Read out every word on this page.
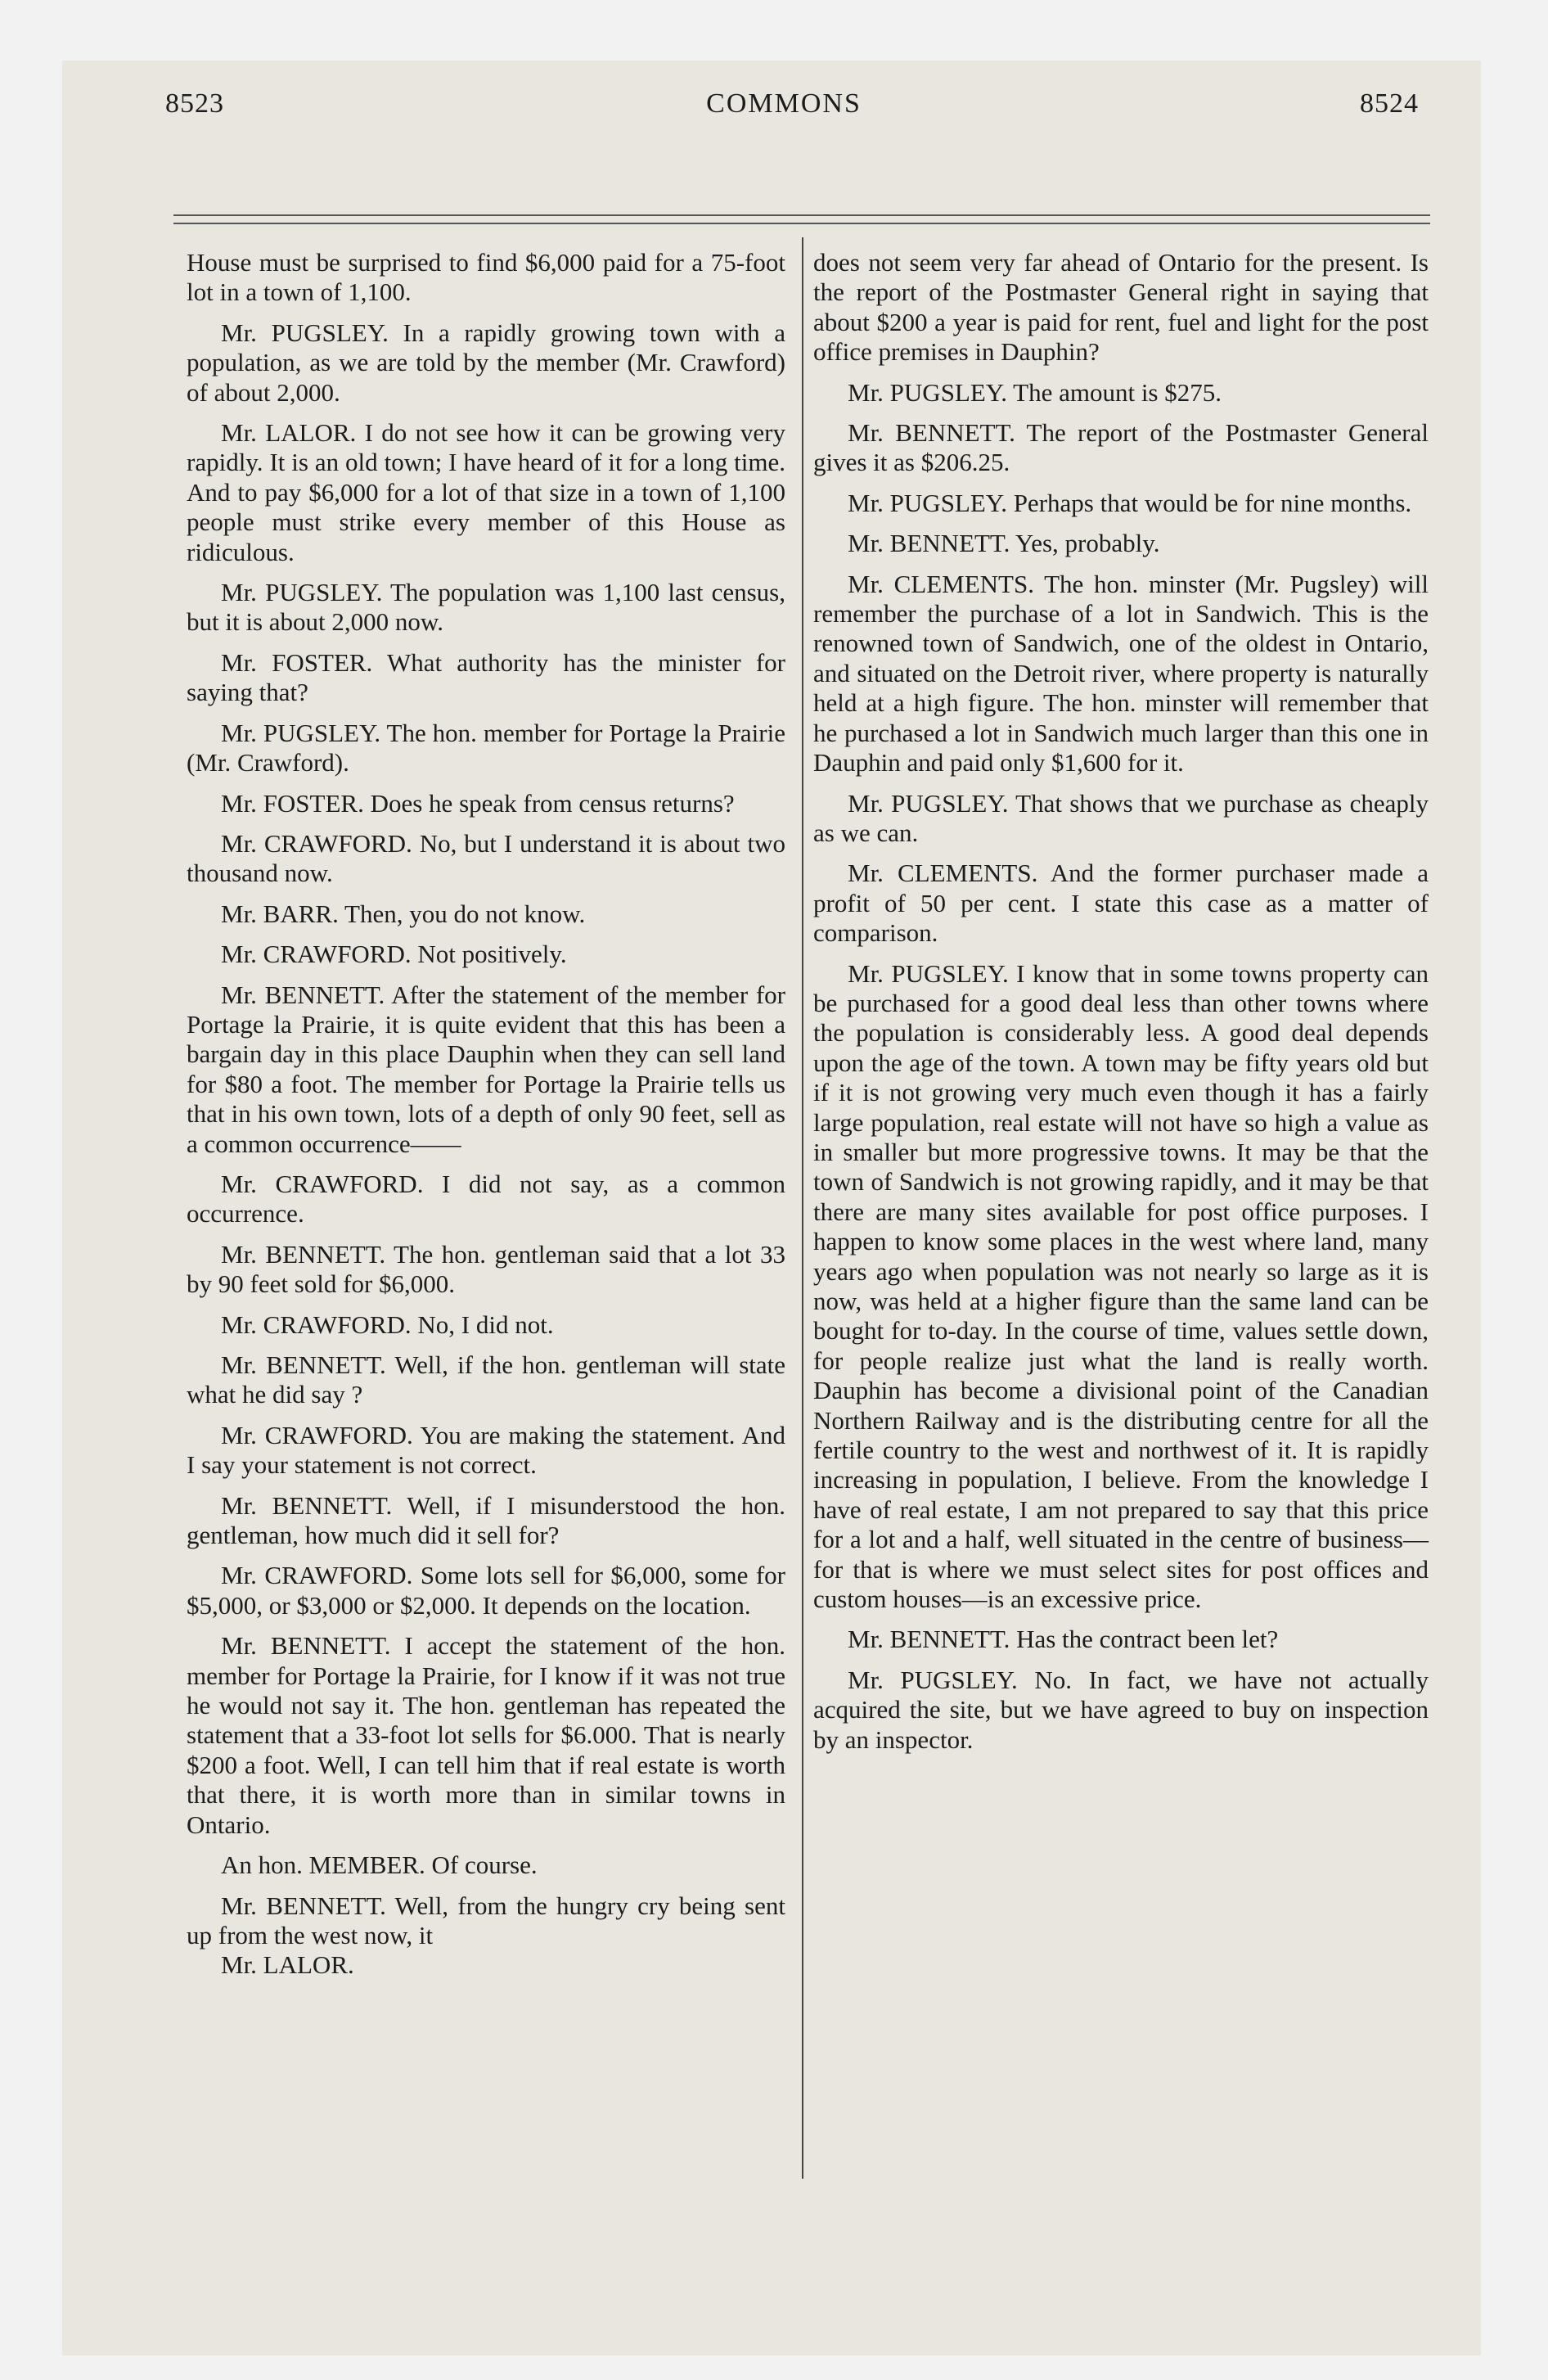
8523	COMMONS	8524

House must be surprised to find $6,000 paid for a 75-foot lot in a town of 1,100.

Mr. PUGSLEY. In a rapidly growing town with a population, as we are told by the member (Mr. Crawford) of about 2,000.

Mr. LALOR. I do not see how it can be growing very rapidly. It is an old town; I have heard of it for a long time. And to pay $6,000 for a lot of that size in a town of 1,100 people must strike every member of this House as ridiculous.

Mr. PUGSLEY. The population was 1,100 last census, but it is about 2,000 now.

Mr. FOSTER. What authority has the minister for saying that?

Mr. PUGSLEY. The hon. member for Portage la Prairie (Mr. Crawford).

Mr. FOSTER. Does he speak from census returns?

Mr. CRAWFORD. No, but I understand it is about two thousand now.

Mr. BARR. Then, you do not know.

Mr. CRAWFORD. Not positively.

Mr. BENNETT. After the statement of the member for Portage la Prairie, it is quite evident that this has been a bargain day in this place Dauphin when they can sell land for $80 a foot. The member for Portage la Prairie tells us that in his own town, lots of a depth of only 90 feet, sell as a common occurrence——

Mr. CRAWFORD. I did not say, as a common occurrence.

Mr. BENNETT. The hon. gentleman said that a lot 33 by 90 feet sold for $6,000.

Mr. CRAWFORD. No, I did not.

Mr. BENNETT. Well, if the hon. gentleman will state what he did say ?

Mr. CRAWFORD. You are making the statement. And I say your statement is not correct.

Mr. BENNETT. Well, if I misunderstood the hon. gentleman, how much did it sell for?

Mr. CRAWFORD. Some lots sell for $6,000, some for $5,000, or $3,000 or $2,000. It depends on the location.

Mr. BENNETT. I accept the statement of the hon. member for Portage la Prairie, for I know if it was not true he would not say it. The hon. gentleman has repeated the statement that a 33-foot lot sells for $6.000. That is nearly $200 a foot. Well, I can tell him that if real estate is worth that there, it is worth more than in similar towns in Ontario.

An hon. MEMBER. Of course.

Mr. BENNETT. Well, from the hungry cry being sent up from the west now, it

Mr. LALOR.

does not seem very far ahead of Ontario for the present. Is the report of the Postmaster General right in saying that about $200 a year is paid for rent, fuel and light for the post office premises in Dauphin?

Mr. PUGSLEY. The amount is $275.

Mr. BENNETT. The report of the Postmaster General gives it as $206.25.

Mr. PUGSLEY. Perhaps that would be for nine months.

Mr. BENNETT. Yes, probably.

Mr. CLEMENTS. The hon. minster (Mr. Pugsley) will remember the purchase of a lot in Sandwich. This is the renowned town of Sandwich, one of the oldest in Ontario, and situated on the Detroit river, where property is naturally held at a high figure. The hon. minster will remember that he purchased a lot in Sandwich much larger than this one in Dauphin and paid only $1,600 for it.

Mr. PUGSLEY. That shows that we purchase as cheaply as we can.

Mr. CLEMENTS. And the former purchaser made a profit of 50 per cent. I state this case as a matter of comparison.

Mr. PUGSLEY. I know that in some towns property can be purchased for a good deal less than other towns where the population is considerably less. A good deal depends upon the age of the town. A town may be fifty years old but if it is not growing very much even though it has a fairly large population, real estate will not have so high a value as in smaller but more progressive towns. It may be that the town of Sandwich is not growing rapidly, and it may be that there are many sites available for post office purposes. I happen to know some places in the west where land, many years ago when population was not nearly so large as it is now, was held at a higher figure than the same land can be bought for to-day. In the course of time, values settle down, for people realize just what the land is really worth. Dauphin has become a divisional point of the Canadian Northern Railway and is the distributing centre for all the fertile country to the west and northwest of it. It is rapidly increasing in population, I believe. From the knowledge I have of real estate, I am not prepared to say that this price for a lot and a half, well situated in the centre of business—for that is where we must select sites for post offices and custom houses—is an excessive price.

Mr. BENNETT. Has the contract been let?

Mr. PUGSLEY. No. In fact, we have not actually acquired the site, but we have agreed to buy on inspection by an inspector.
